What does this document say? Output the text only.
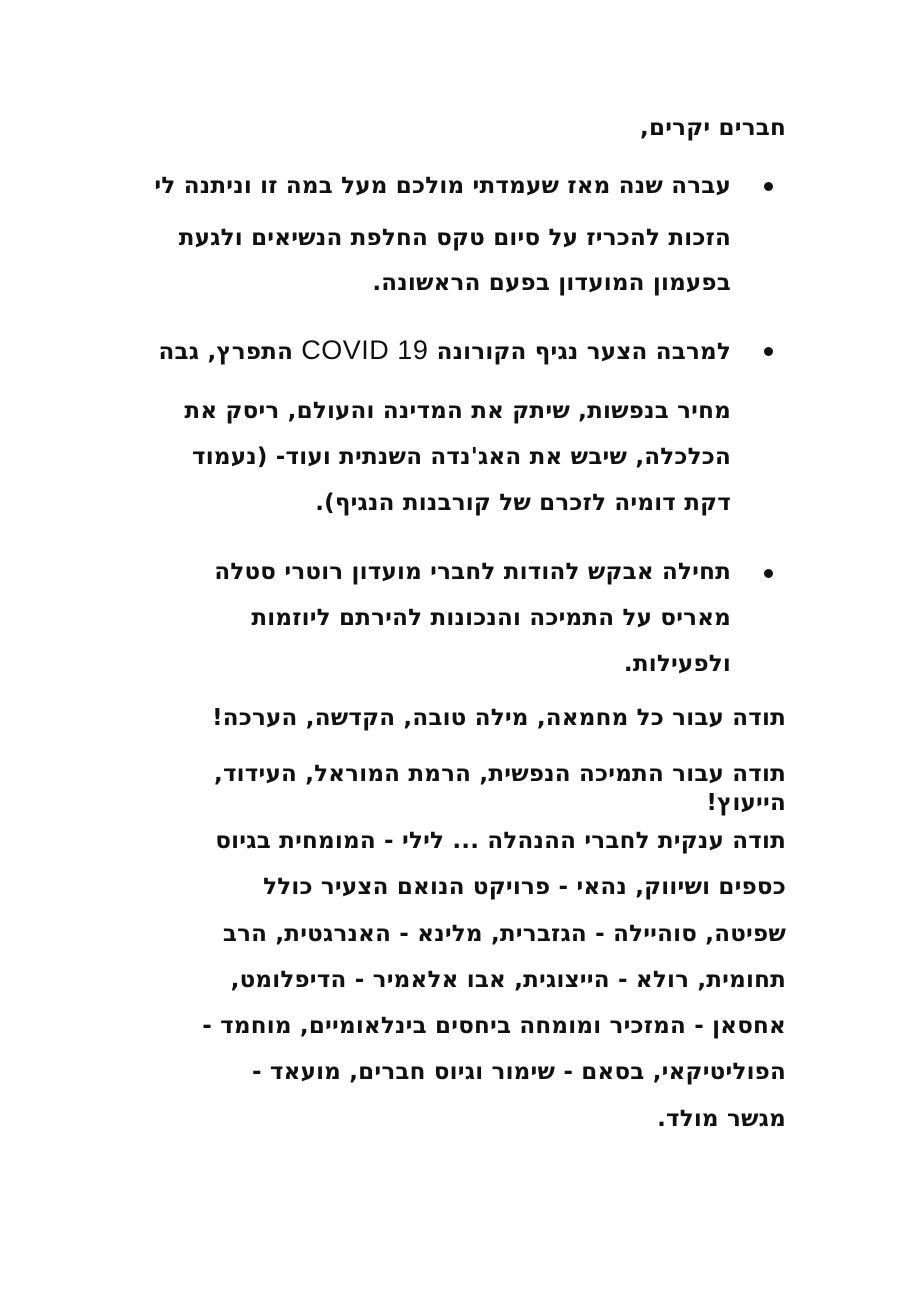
חברים יקרים,

עברה שנה מאז שעמדתי מולכם מעל במה זו וניתנה לי

הזכות להכריז על סיום טקס החלפת הנשיאים ולגעת

בפעמון המועדון בפעם הראשונה.

למרבה הצער נגיף הקורונה COVID 19 התפרץ, גבה

מחיר בנפשות, שיתק את המדינה והעולם, ריסק את

הכלכלה, שיבש את האג'נדה השנתית ועוד- (נעמוד

דקת דומיה לזכרם של קורבנות הנגיף).

תחילה אבקש להודות לחברי מועדון רוטרי סטלה

מאריס על התמיכה והנכונות להירתם ליוזמות

ולפעילות.

תודה עבור כל מחמאה, מילה טובה, הקדשה, הערכה!

תודה עבור התמיכה הנפשית, הרמת המוראל, העידוד,

הייעוץ!

תודה ענקית לחברי ההנהלה ... לילי - המומחית בגיוס

כספים ושיווק, נהאי - פרויקט הנואם הצעיר כולל

שפיטה, סוהיילה - הגזברית, מלינא - האנרגטית, הרב

תחומית, רולא - הייצוגית, אבו אלאמיר - הדיפלומט,

אחסאן - המזכיר ומומחה ביחסים בינלאומיים, מוחמד -

הפוליטיקאי, בסאם - שימור וגיוס חברים, מועאד -

מגשר מולד.
